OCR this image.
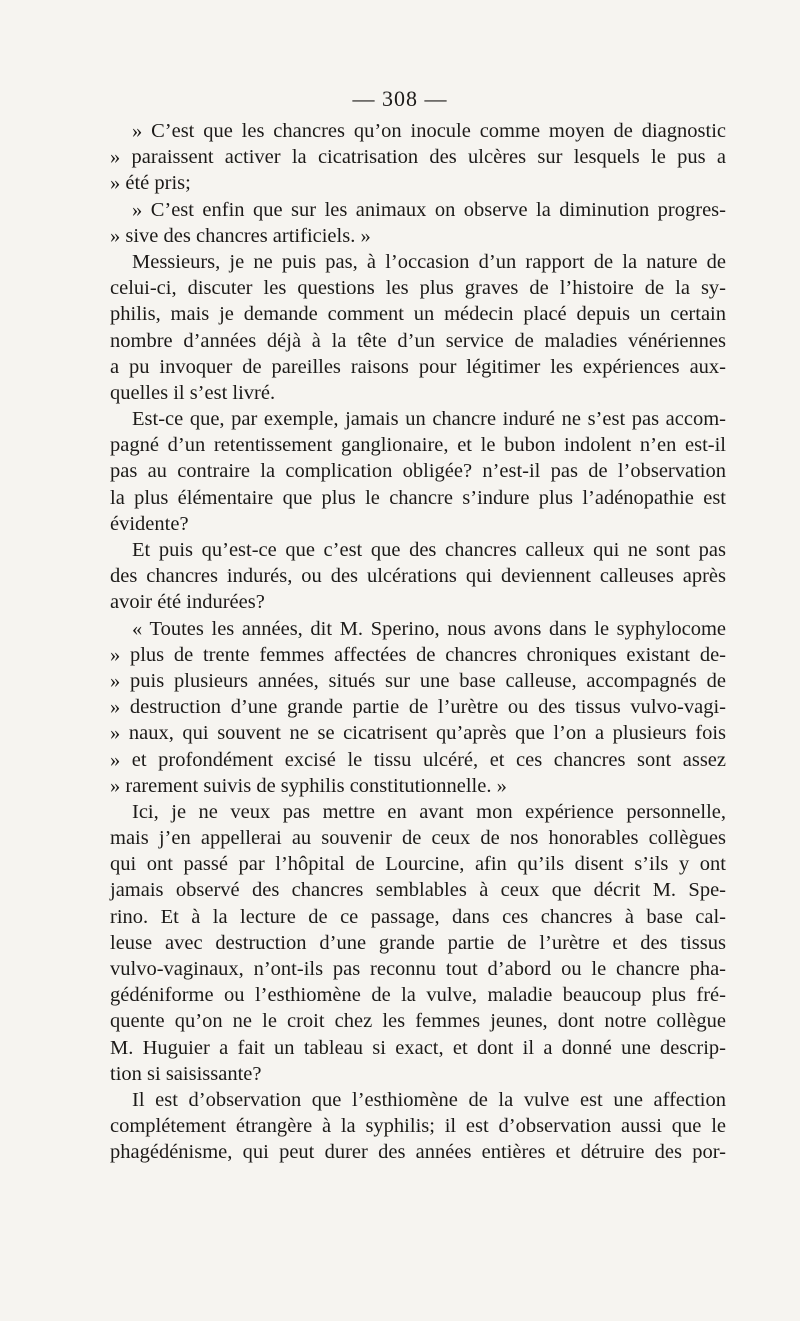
— 308 —

» C’est que les chancres qu’on inocule comme moyen de diagnostic
» paraissent activer la cicatrisation des ulcères sur lesquels le pus a
» été pris;

» C’est enfin que sur les animaux on observe la diminution progres-
» sive des chancres artificiels. »

Messieurs, je ne puis pas, à l’occasion d’un rapport de la nature de
celui-ci, discuter les questions les plus graves de l’histoire de la sy-
philis, mais je demande comment un médecin placé depuis un certain
nombre d’années déjà à la tête d’un service de maladies vénériennes
a pu invoquer de pareilles raisons pour légitimer les expériences aux-
quelles il s’est livré.

Est-ce que, par exemple, jamais un chancre induré ne s’est pas accom-
pagné d’un retentissement ganglionaire, et le bubon indolent n’en est-il
pas au contraire la complication obligée? n’est-il pas de l’observation
la plus élémentaire que plus le chancre s’indure plus l’adénopathie est
évidente?

Et puis qu’est-ce que c’est que des chancres calleux qui ne sont pas
des chancres indurés, ou des ulcérations qui deviennent calleuses après
avoir été indurées?

« Toutes les années, dit M. Sperino, nous avons dans le syphylocome
» plus de trente femmes affectées de chancres chroniques existant de-
» puis plusieurs années, situés sur une base calleuse, accompagnés de
» destruction d’une grande partie de l’urètre ou des tissus vulvo-vagi-
» naux, qui souvent ne se cicatrisent qu’après que l’on a plusieurs fois
» et profondément excisé le tissu ulcéré, et ces chancres sont assez
» rarement suivis de syphilis constitutionnelle. »

Ici, je ne veux pas mettre en avant mon expérience personnelle,
mais j’en appellerai au souvenir de ceux de nos honorables collègues
qui ont passé par l’hôpital de Lourcine, afin qu’ils disent s’ils y ont
jamais observé des chancres semblables à ceux que décrit M. Spe-
rino. Et à la lecture de ce passage, dans ces chancres à base cal-
leuse avec destruction d’une grande partie de l’urètre et des tissus
vulvo-vaginaux, n’ont-ils pas reconnu tout d’abord ou le chancre pha-
gédéniforme ou l’esthiomène de la vulve, maladie beaucoup plus fré-
quente qu’on ne le croit chez les femmes jeunes, dont notre collègue
M. Huguier a fait un tableau si exact, et dont il a donné une descrip-
tion si saisissante?

Il est d’observation que l’esthiomène de la vulve est une affection
complétement étrangère à la syphilis; il est d’observation aussi que le
phagédénisme, qui peut durer des années entières et détruire des por-
